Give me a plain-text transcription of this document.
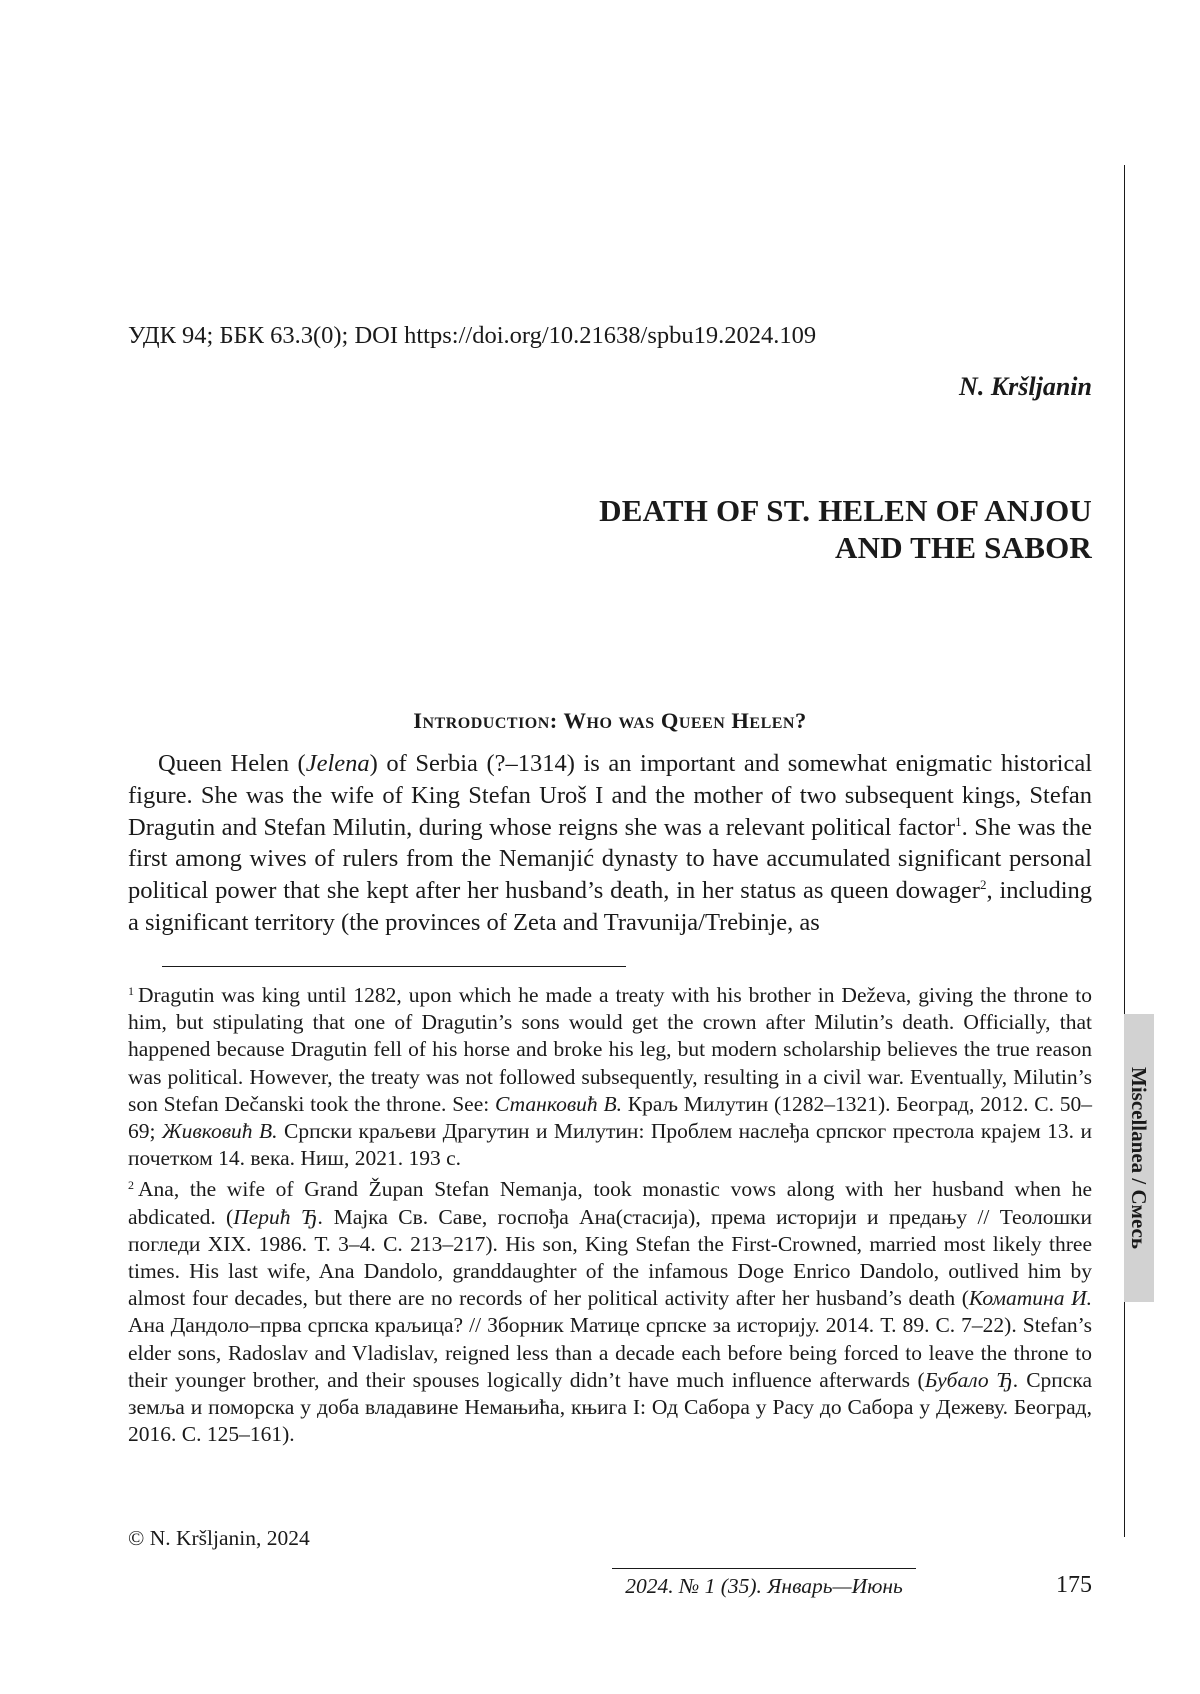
УДК 94; ББК 63.3(0); DOI https://doi.org/10.21638/spbu19.2024.109
N. Kršljanin
DEATH OF ST. HELEN OF ANJOU
AND THE SABOR
Introduction: Who was Queen Helen?

Queen Helen (Jelena) of Serbia (?–1314) is an important and somewhat enigmatic historical figure. She was the wife of King Stefan Uroš I and the mother of two subsequent kings, Stefan Dragutin and Stefan Milutin, during whose reigns she was a relevant political factor$^1$. She was the first among wives of rulers from the Nemanjić dynasty to have accumulated significant personal political power that she kept after her husband’s death, in her status as queen dowager$^2$, including a significant territory (the provinces of Zeta and Travunija/Trebinje, as

$^1$ Dragutin was king until 1282, upon which he made a treaty with his brother in Deževa, giving the throne to him, but stipulating that one of Dragutin’s sons would get the crown after Milutin’s death. Officially, that happened because Dragutin fell of his horse and broke his leg, but modern scholarship believes the true reason was political. However, the treaty was not followed subsequently, resulting in a civil war. Eventually, Milutin’s son Stefan Dečanski took the throne. See: Станковић В. Краљ Милутин (1282–1321). Београд, 2012. С. 50–69; Живковић В. Српски краљеви Драгутин и Милутин: Проблем наслеђа српског престола крајем 13. и почетком 14. века. Ниш, 2021. 193 с.

$^2$ Ana, the wife of Grand Župan Stefan Nemanja, took monastic vows along with her husband when he abdicated. (Перић Ђ. Мајка Св. Саве, госпођа Ана(стасија), према историји и предању // Теолошки погледи XIX. 1986. Т. 3–4. С. 213–217). His son, King Stefan the First-Crowned, married most likely three times. His last wife, Ana Dandolo, granddaughter of the infamous Doge Enrico Dandolo, outlived him by almost four decades, but there are no records of her political activity after her husband’s death (Коматина И. Ана Дандоло–прва српска краљица? // Зборник Матице српске за историју. 2014. Т. 89. С. 7–22). Stefan’s elder sons, Radoslav and Vladislav, reigned less than a decade each before being forced to leave the throne to their younger brother, and their spouses logically didn’t have much influence afterwards (Бубало Ђ. Српска земља и поморска у доба владавине Немањића, књига I: Од Сабора у Расу до Сабора у Дежеву. Београд, 2016. С. 125–161).

© N. Kršljanin, 2024
2024. № 1 (35). Январь—Июнь	175
Miscellanea / Смесь
